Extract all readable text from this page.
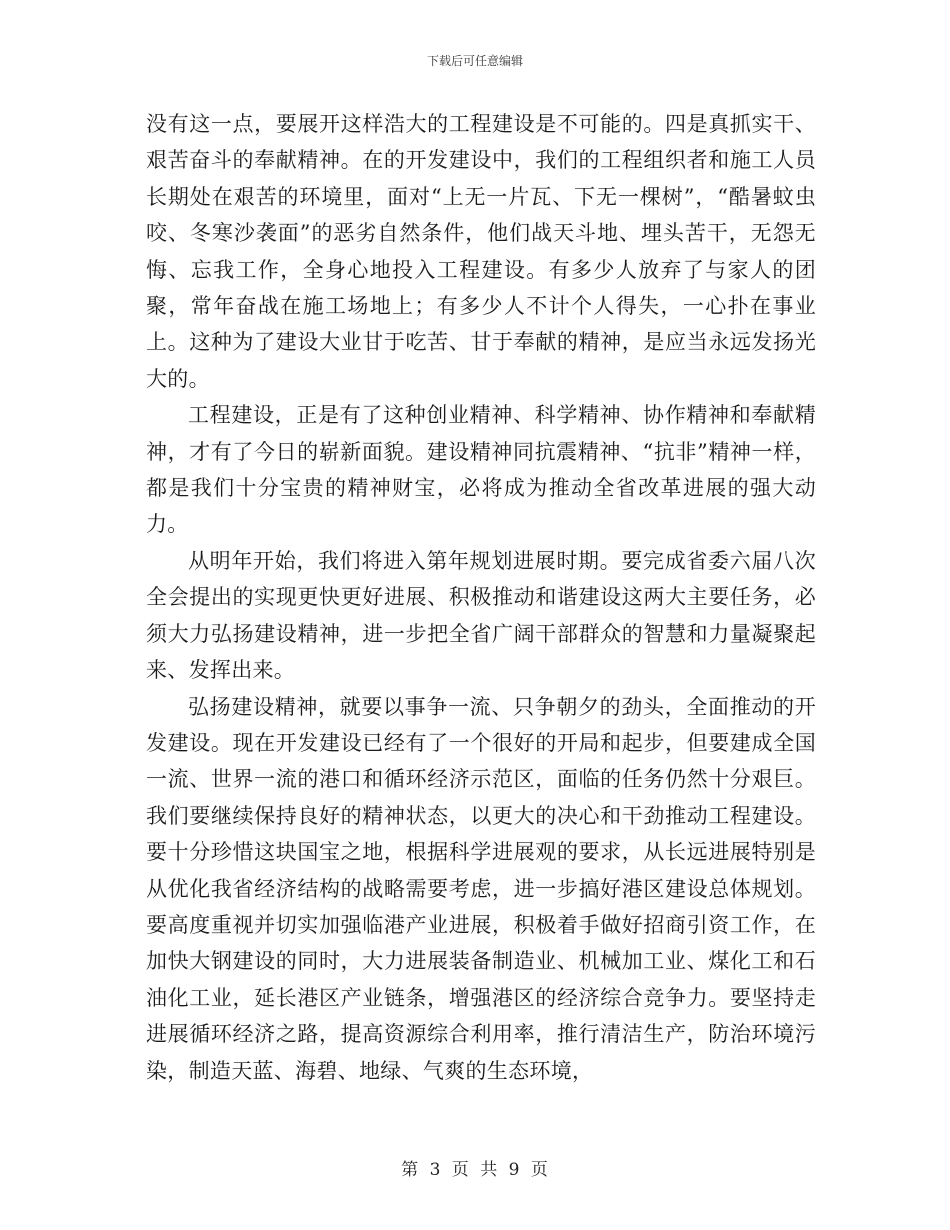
下载后可任意编辑

没有这一点，要展开这样浩大的工程建设是不可能的。四是真抓实干、艰苦奋斗的奉献精神。在的开发建设中，我们的工程组织者和施工人员长期处在艰苦的环境里，面对“上无一片瓦、下无一棵树”，“酷暑蚊虫咬、冬寒沙袭面”的恶劣自然条件，他们战天斗地、埋头苦干，无怨无悔、忘我工作，全身心地投入工程建设。有多少人放弃了与家人的团聚，常年奋战在施工场地上；有多少人不计个人得失，一心扑在事业上。这种为了建设大业甘于吃苦、甘于奉献的精神，是应当永远发扬光大的。

工程建设，正是有了这种创业精神、科学精神、协作精神和奉献精神，才有了今日的崭新面貌。建设精神同抗震精神、“抗非”精神一样，都是我们十分宝贵的精神财宝，必将成为推动全省改革进展的强大动力。

从明年开始，我们将进入第年规划进展时期。要完成省委六届八次全会提出的实现更快更好进展、积极推动和谐建设这两大主要任务，必须大力弘扬建设精神，进一步把全省广阔干部群众的智慧和力量凝聚起来、发挥出来。

弘扬建设精神，就要以事争一流、只争朝夕的劲头，全面推动的开发建设。现在开发建设已经有了一个很好的开局和起步，但要建成全国一流、世界一流的港口和循环经济示范区，面临的任务仍然十分艰巨。我们要继续保持良好的精神状态，以更大的决心和干劲推动工程建设。要十分珍惜这块国宝之地，根据科学进展观的要求，从长远进展特别是从优化我省经济结构的战略需要考虑，进一步搞好港区建设总体规划。要高度重视并切实加强临港产业进展，积极着手做好招商引资工作，在加快大钢建设的同时，大力进展装备制造业、机械加工业、煤化工和石油化工业，延长港区产业链条，增强港区的经济综合竞争力。要坚持走进展循环经济之路，提高资源综合利用率，推行清洁生产，防治环境污染，制造天蓝、海碧、地绿、气爽的生态环境，

第 3 页 共 9 页
